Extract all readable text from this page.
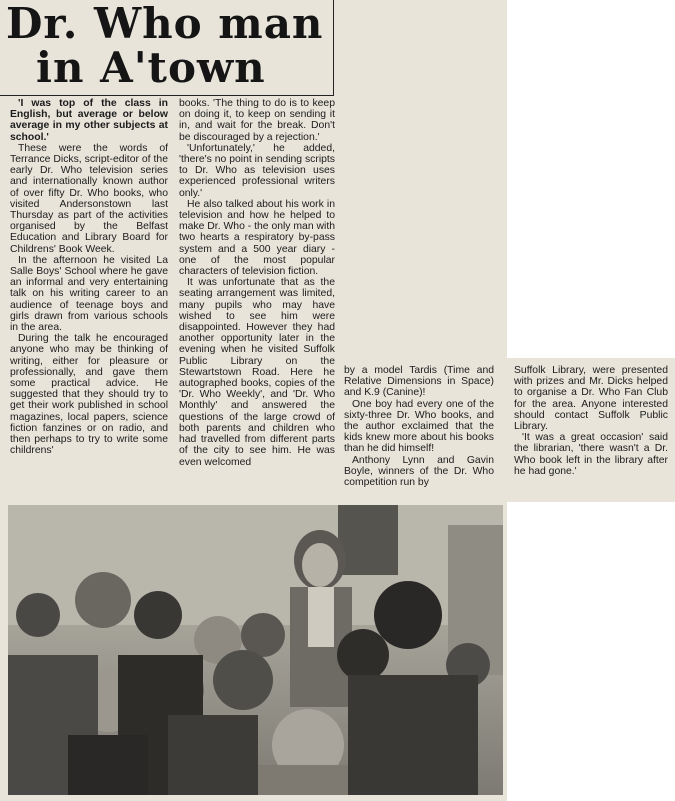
Dr. Who man
in A'town

'I was top of the class in English, but average or below average in my other subjects at school.'

These were the words of Terrance Dicks, script-editor of the early Dr. Who television series and internationally known author of over fifty Dr. Who books, who visited Andersonstown last Thursday as part of the activities organised by the Belfast Education and Library Board for Childrens' Book Week.

In the afternoon he visited La Salle Boys' School where he gave an informal and very entertaining talk on his writing career to an audience of teenage boys and girls drawn from various schools in the area.

During the talk he encouraged anyone who may be thinking of writing, either for pleasure or professionally, and gave them some practical advice. He suggested that they should try to get their work published in school magazines, local papers, science fiction fanzines or on radio, and then perhaps to try to write some childrens'

books. 'The thing to do is to keep on doing it, to keep on sending it in, and wait for the break. Don't be discouraged by a rejection.'

'Unfortunately,' he added, 'there's no point in sending scripts to Dr. Who as television uses experienced professional writers only.'

He also talked about his work in television and how he helped to make Dr. Who - the only man with two hearts a respiratory by-pass system and a 500 year diary - one of the most popular characters of television fiction.

It was unfortunate that as the seating arrangement was limited, many pupils who may have wished to see him were disappointed. However they had another opportunity later in the evening when he visited Suffolk Public Library on the Stewartstown Road. Here he autographed books, copies of the 'Dr. Who Weekly', and 'Dr. Who Monthly' and answered the questions of the large crowd of both parents and children who had travelled from different parts of the city to see him. He was even welcomed

by a model Tardis (Time and Relative Dimensions in Space) and K.9 (Canine)!

One boy had every one of the sixty-three Dr. Who books, and the author exclaimed that the kids knew more about his books than he did himself!

Anthony Lynn and Gavin Boyle, winners of the Dr. Who competition run by

Suffolk Library, were presented with prizes and Mr. Dicks helped to organise a Dr. Who Fan Club for the area. Anyone interested should contact Suffolk Public Library.

'It was a great occasion' said the librarian, 'there wasn't a Dr. Who book left in the library after he had gone.'
